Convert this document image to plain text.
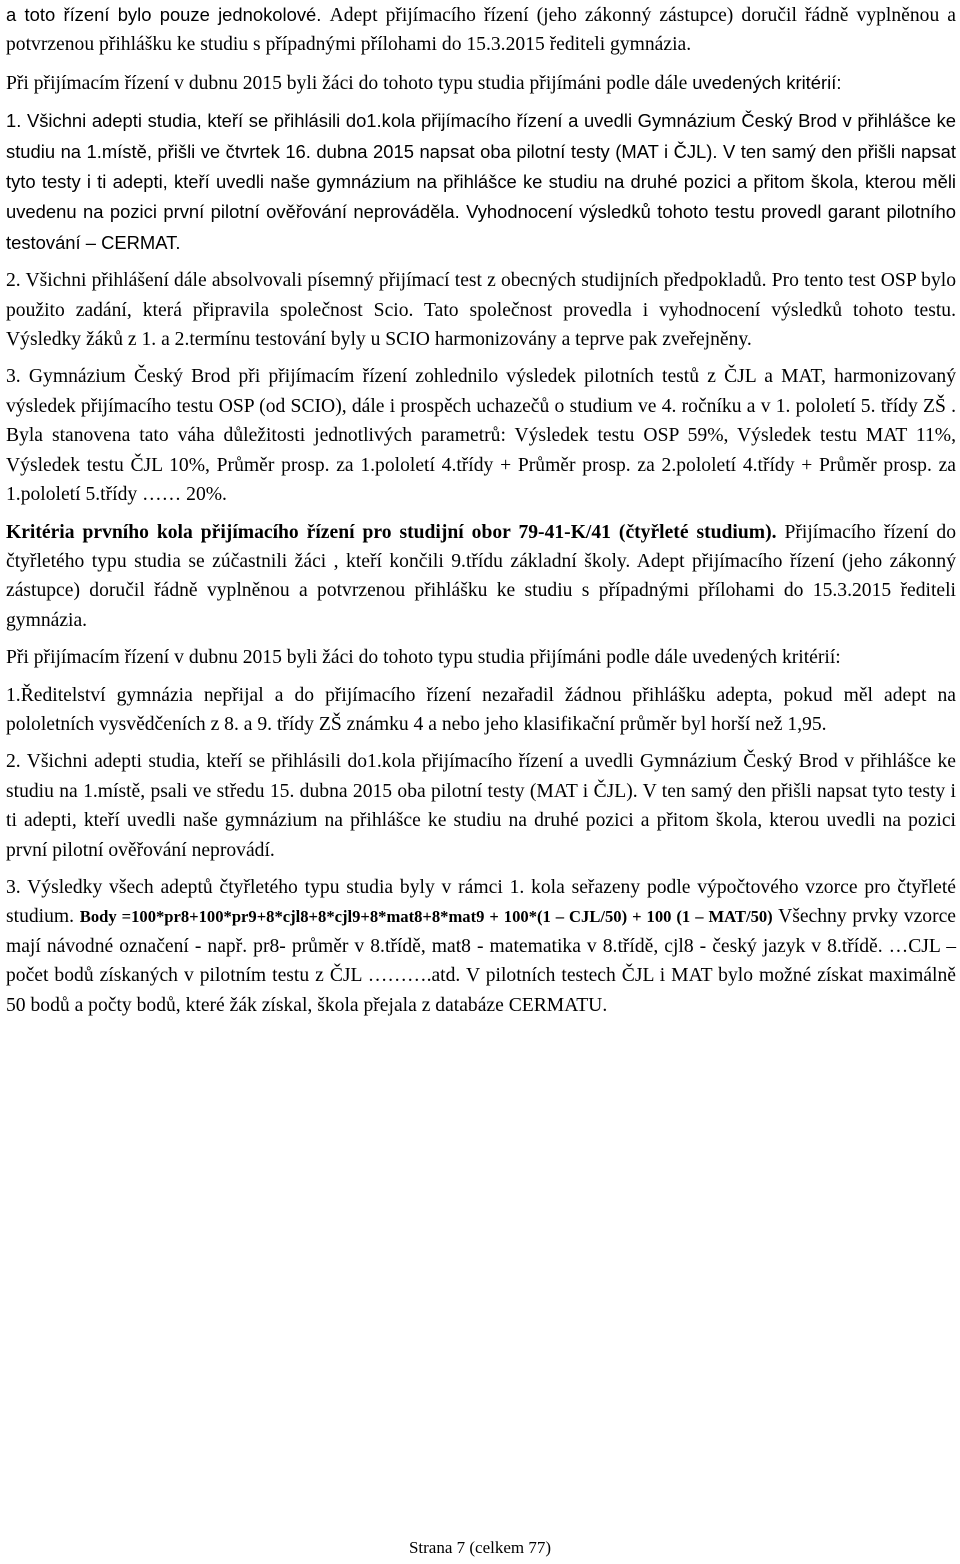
a toto řízení bylo pouze jednokolové. Adept přijímacího řízení (jeho zákonný zástupce) doručil řádně vyplněnou a potvrzenou přihlášku ke studiu s případnými přílohami do 15.3.2015 řediteli gymnázia.

Při přijímacím řízení v dubnu 2015 byli žáci do tohoto typu studia přijímáni podle dále uvedených kritérií:

1. Všichni adepti studia, kteří se přihlásili do1.kola přijímacího řízení a uvedli Gymnázium Český Brod v přihlášce ke studiu na 1.místě, přišli ve čtvrtek 16. dubna 2015 napsat oba pilotní testy (MAT i ČJL). V ten samý den přišli napsat tyto testy i ti adepti, kteří uvedli naše gymnázium na přihlášce ke studiu na druhé pozici a přitom škola, kterou měli uvedenu na pozici první pilotní ověřování neprováděla. Vyhodnocení výsledků tohoto testu provedl garant pilotního testování – CERMAT.

2. Všichni přihlášení dále absolvovali písemný přijímací test z obecných studijních předpokladů. Pro tento test OSP bylo použito zadání, která připravila společnost Scio. Tato společnost provedla i vyhodnocení výsledků tohoto testu. Výsledky žáků z 1. a 2.termínu testování byly u SCIO harmonizovány a teprve pak zveřejněny.

3. Gymnázium Český Brod při přijímacím řízení zohlednilo výsledek pilotních testů z ČJL a MAT, harmonizovaný výsledek přijímacího testu OSP (od SCIO), dále i prospěch uchazečů o studium ve 4. ročníku a v 1. pololetí 5. třídy ZŠ . Byla stanovena tato váha důležitosti jednotlivých parametrů: Výsledek testu OSP 59%, Výsledek testu MAT 11%, Výsledek testu ČJL 10%, Průměr prosp. za 1.pololetí 4.třídy + Průměr prosp. za 2.pololetí 4.třídy + Průměr prosp. za 1.pololetí 5.třídy …… 20%.

Kritéria prvního kola přijímacího řízení pro studijní obor 79-41-K/41 (čtyřleté studium). Přijímacího řízení do čtyřletého typu studia se zúčastnili žáci , kteří končili 9.třídu základní školy. Adept přijímacího řízení (jeho zákonný zástupce) doručil řádně vyplněnou a potvrzenou přihlášku ke studiu s případnými přílohami do 15.3.2015 řediteli gymnázia.

Při přijímacím řízení v dubnu 2015 byli žáci do tohoto typu studia přijímáni podle dále uvedených kritérií:

1.Ředitelství gymnázia nepřijal a do přijímacího řízení nezařadil žádnou přihlášku adepta, pokud měl adept na pololetních vysvědčeních z 8. a 9. třídy ZŠ známku 4 a nebo jeho klasifikační průměr byl horší než 1,95.

2. Všichni adepti studia, kteří se přihlásili do1.kola přijímacího řízení a uvedli Gymnázium Český Brod v přihlášce ke studiu na 1.místě, psali ve středu 15. dubna 2015 oba pilotní testy (MAT i ČJL). V ten samý den přišli napsat tyto testy i ti adepti, kteří uvedli naše gymnázium na přihlášce ke studiu na druhé pozici a přitom škola, kterou uvedli na pozici první pilotní ověřování neprovádí.

3. Výsledky všech adeptů čtyřletého typu studia byly v rámci 1. kola seřazeny podle výpočtového vzorce pro čtyřleté studium. Body =100*pr8+100*pr9+8*cjl8+8*cjl9+8*mat8+8*mat9 + 100*(1 – CJL/50) + 100 (1 – MAT/50) Všechny prvky vzorce mají návodné označení - např. pr8- průměr v 8.třídě, mat8 - matematika v 8.třídě, cjl8 - český jazyk v 8.třídě. …CJL – počet bodů získaných v pilotním testu z ČJL ……….atd. V pilotních testech ČJL i MAT bylo možné získat maximálně 50 bodů a počty bodů, které žák získal, škola přejala z databáze CERMATU.

Strana 7 (celkem 77)
